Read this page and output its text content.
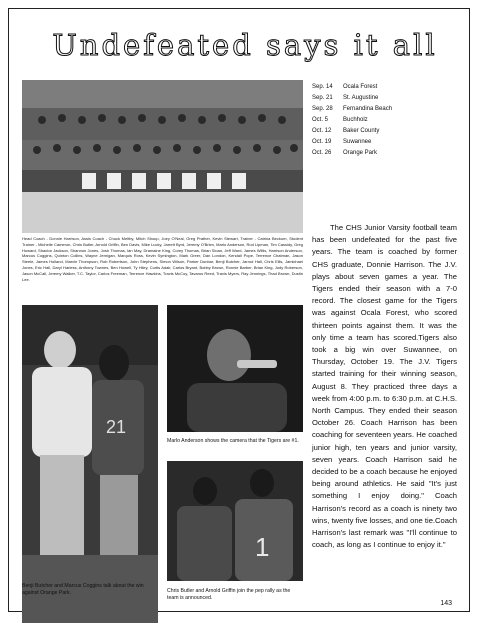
Undefeated says it all
Head Coach - Donnie Harrison, Assis Coach - Chuck Meltby, Mitch Shoup, Joey O'Neal, Greg Prather, Kevin Stewart, Trainer - Catrina Beckum, Student Trainer - Michelle Cameron, Chris Butler, Arnold Griffin, Ben Davis, Mike Lucky, Jarrett Byrd, Jeremy O'Brien, Marlo Anderson, Rod Lipman, Tim Cassidy, Greg Howard, Shadon Jackson, Shannon Jones, Josh Thomas, Ian May, Dramaine King, Corey Thomas, Brian Sloan, Jeff Ward, James Willis, Harrison Anderson, Marcus Coggins, Quinton Collins, Wayne Jernigan, Marquis Ross, Kevin Symington, Mark Greer, Dan London, Kendall Pope, Terrence Chatman, Jason Steele, James Holland, Marvin Thompson, Rob Robertson, John Stephens, Simon Wilson, Parker Dunbar, Benji Butcher, Jarrod Hall, Chris Ellis, Jamichael Jones, Eric Hall, Daryl Harless, Anthony Townes, Ben Howell, Ty Hiley, Curtis Adair, Carlos Bryant, Bobby Brown, Ronnie Barber, Brian King, Jody Roberson, Jason McCall, Jeremy Walker, T.C. Taylor, Carlos Freeman, Terrence Hawkins, Travis McCoy, Tavarus Reed, Travis Myers, Ray Jennings, Thad Brown, Dustin Lee.
21
Benji Butcher and Marcus Coggins talk about the win against Orange Park.
Marlo Anderson shows the camera that the Tigers are #1.
1
Chris Butler and Arnold Griffin join the pep rally as the team is announced.
Sep. 14	Ocala Forest
Sep. 21	St. Augustine
Sep. 28	Fernandina Beach
Oct. 5	Buchholz
Oct. 12	Baker County
Oct. 19	Suwannee
Oct. 26	Orange Park
The CHS Junior Varsity football team has been undefeated for the past five years. The team is coached by former CHS graduate, Donnie Harrison. The J.V. plays about seven games a year. The Tigers ended their season with a 7-0 record. The closest game for the Tigers was against Ocala Forest, who scored thirteen points against them. It was the only time a team has scored.Tigers also took a big win over Suwannee, on Thursday, October 19. The J.V. Tigers started training for their winning season, August 8. They practiced three days a week from 4:00 p.m. to 6:30 p.m. at C.H.S. North Campus. They ended their season October 26. Coach Harrison has been coaching for seventeen years. He coached junior high, ten years and junior varsity, seven years. Coach Harrison said he decided to be a coach because he enjoyed being around athletics. He said "It's just something I enjoy doing." Coach Harrison's record as a coach is ninety two wins, twenty five losses, and one tie.Coach Harrison's last remark was "I'll continue to coach, as long as I continue to enjoy it."
143
